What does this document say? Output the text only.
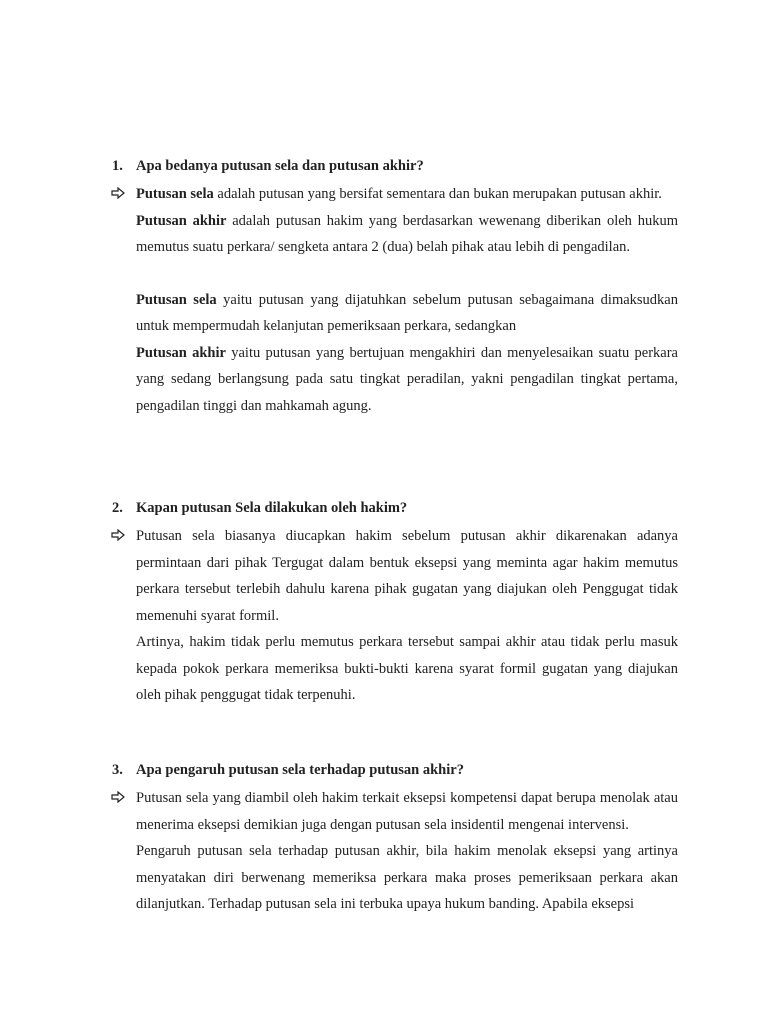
1. Apa bedanya putusan sela dan putusan akhir?

Putusan sela adalah putusan yang bersifat sementara dan bukan merupakan putusan akhir.

Putusan akhir adalah putusan hakim yang berdasarkan wewenang diberikan oleh hukum memutus suatu perkara/ sengketa antara 2 (dua) belah pihak atau lebih di pengadilan.

Putusan sela yaitu putusan yang dijatuhkan sebelum putusan sebagaimana dimaksudkan untuk mempermudah kelanjutan pemeriksaan perkara, sedangkan

Putusan akhir yaitu putusan yang bertujuan mengakhiri dan menyelesaikan suatu perkara yang sedang berlangsung pada satu tingkat peradilan, yakni pengadilan tingkat pertama, pengadilan tinggi dan mahkamah agung.

2. Kapan putusan Sela dilakukan oleh hakim?

Putusan sela biasanya diucapkan hakim sebelum putusan akhir dikarenakan adanya permintaan dari pihak Tergugat dalam bentuk eksepsi yang meminta agar hakim memutus perkara tersebut terlebih dahulu karena pihak gugatan yang diajukan oleh Penggugat tidak memenuhi syarat formil.

Artinya, hakim tidak perlu memutus perkara tersebut sampai akhir atau tidak perlu masuk kepada pokok perkara memeriksa bukti-bukti karena syarat formil gugatan yang diajukan oleh pihak penggugat tidak terpenuhi.

3. Apa pengaruh putusan sela terhadap putusan akhir?

Putusan sela yang diambil oleh hakim terkait eksepsi kompetensi dapat berupa menolak atau menerima eksepsi demikian juga dengan putusan sela insidentil mengenai intervensi.

Pengaruh putusan sela terhadap putusan akhir, bila hakim menolak eksepsi yang artinya menyatakan diri berwenang memeriksa perkara maka proses pemeriksaan perkara akan dilanjutkan. Terhadap putusan sela ini terbuka upaya hukum banding. Apabila eksepsi
